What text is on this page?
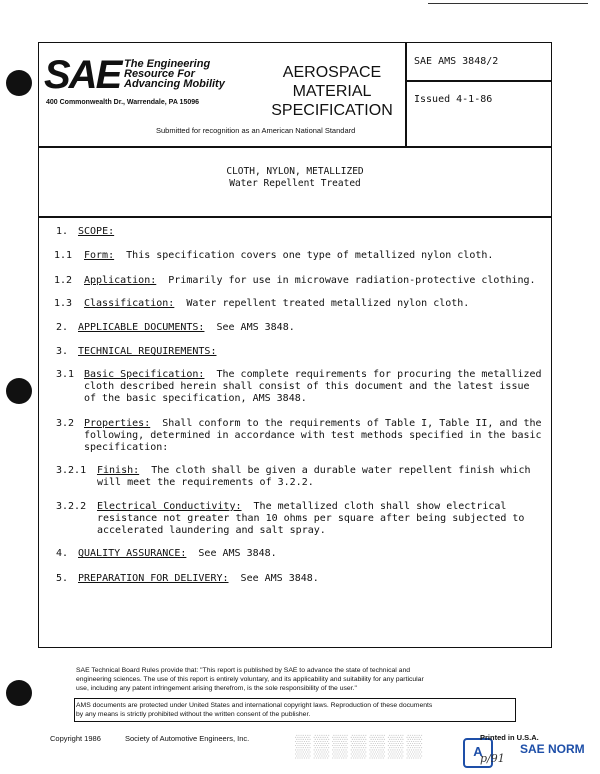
SAE The Engineering
Resource For
Advancing Mobility
400 Commonwealth Dr., Warrendale, PA 15096
AEROSPACE
MATERIAL
SPECIFICATION
Submitted for recognition as an American National Standard
SAE AMS 3848/2
Issued 4-1-86
CLOTH, NYLON, METALLIZED
Water Repellent Treated
1. SCOPE:
1.1 Form:  This specification covers one type of metallized nylon cloth.
1.2 Application:  Primarily for use in microwave radiation-protective clothing.
1.3 Classification:  Water repellent treated metallized nylon cloth.
2. APPLICABLE DOCUMENTS:  See AMS 3848.
3. TECHNICAL REQUIREMENTS:
3.1 Basic Specification:  The complete requirements for procuring the metallized
cloth described herein shall consist of this document and the latest issue
of the basic specification, AMS 3848.
3.2 Properties:  Shall conform to the requirements of Table I, Table II, and the
following, determined in accordance with test methods specified in the basic
specification:
3.2.1 Finish:  The cloth shall be given a durable water repellent finish which
will meet the requirements of 3.2.2.
3.2.2 Electrical Conductivity:  The metallized cloth shall show electrical
resistance not greater than 10 ohms per square after being subjected to
accelerated laundering and salt spray.
4. QUALITY ASSURANCE:  See AMS 3848.
5. PREPARATION FOR DELIVERY:  See AMS 3848.
SAE Technical Board Rules provide that: "This report is published by SAE to advance the state of technical and
engineering sciences. The use of this report is entirely voluntary, and its applicability and suitability for any particular
use, including any patent infringement arising therefrom, is the sole responsibility of the user."
AMS documents are protected under United States and international copyright laws. Reproduction of these documents
by any means is strictly prohibited without the written consent of the publisher.
Copyright 1986	Society of Automotive Engineers, Inc. ▒▒▒▒▒▒▒	A
Printed in U.S.A.
SAE NORM
p/91
